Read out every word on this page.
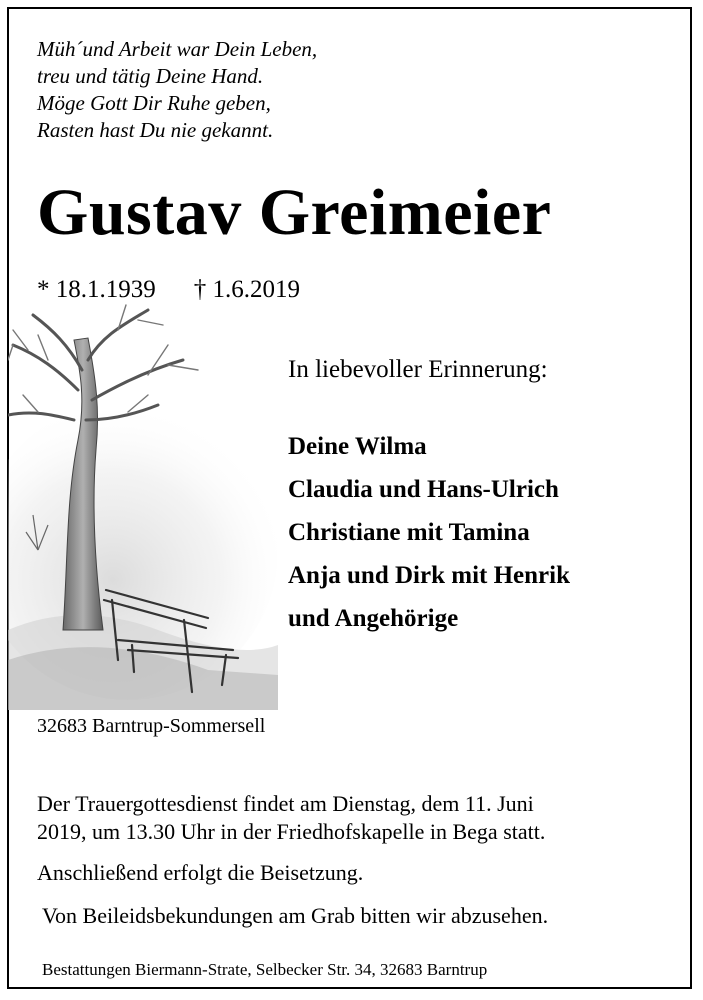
Müh´und Arbeit war Dein Leben,
treu und tätig Deine Hand.
Möge Gott Dir Ruhe geben,
Rasten hast Du nie gekannt.
Gustav Greimeier
* 18.1.1939 † 1.6.2019
In liebevoller Erinnerung:
Deine Wilma
Claudia und Hans-Ulrich
Christiane mit Tamina
Anja und Dirk mit Henrik
und Angehörige
32683 Barntrup-Sommersell
Der Trauergottesdienst findet am Dienstag, dem 11. Juni
2019, um 13.30 Uhr in der Friedhofskapelle in Bega statt.
Anschließend erfolgt die Beisetzung.
Von Beileidsbekundungen am Grab bitten wir abzusehen.
Bestattungen Biermann-Strate, Selbecker Str. 34, 32683 Barntrup
